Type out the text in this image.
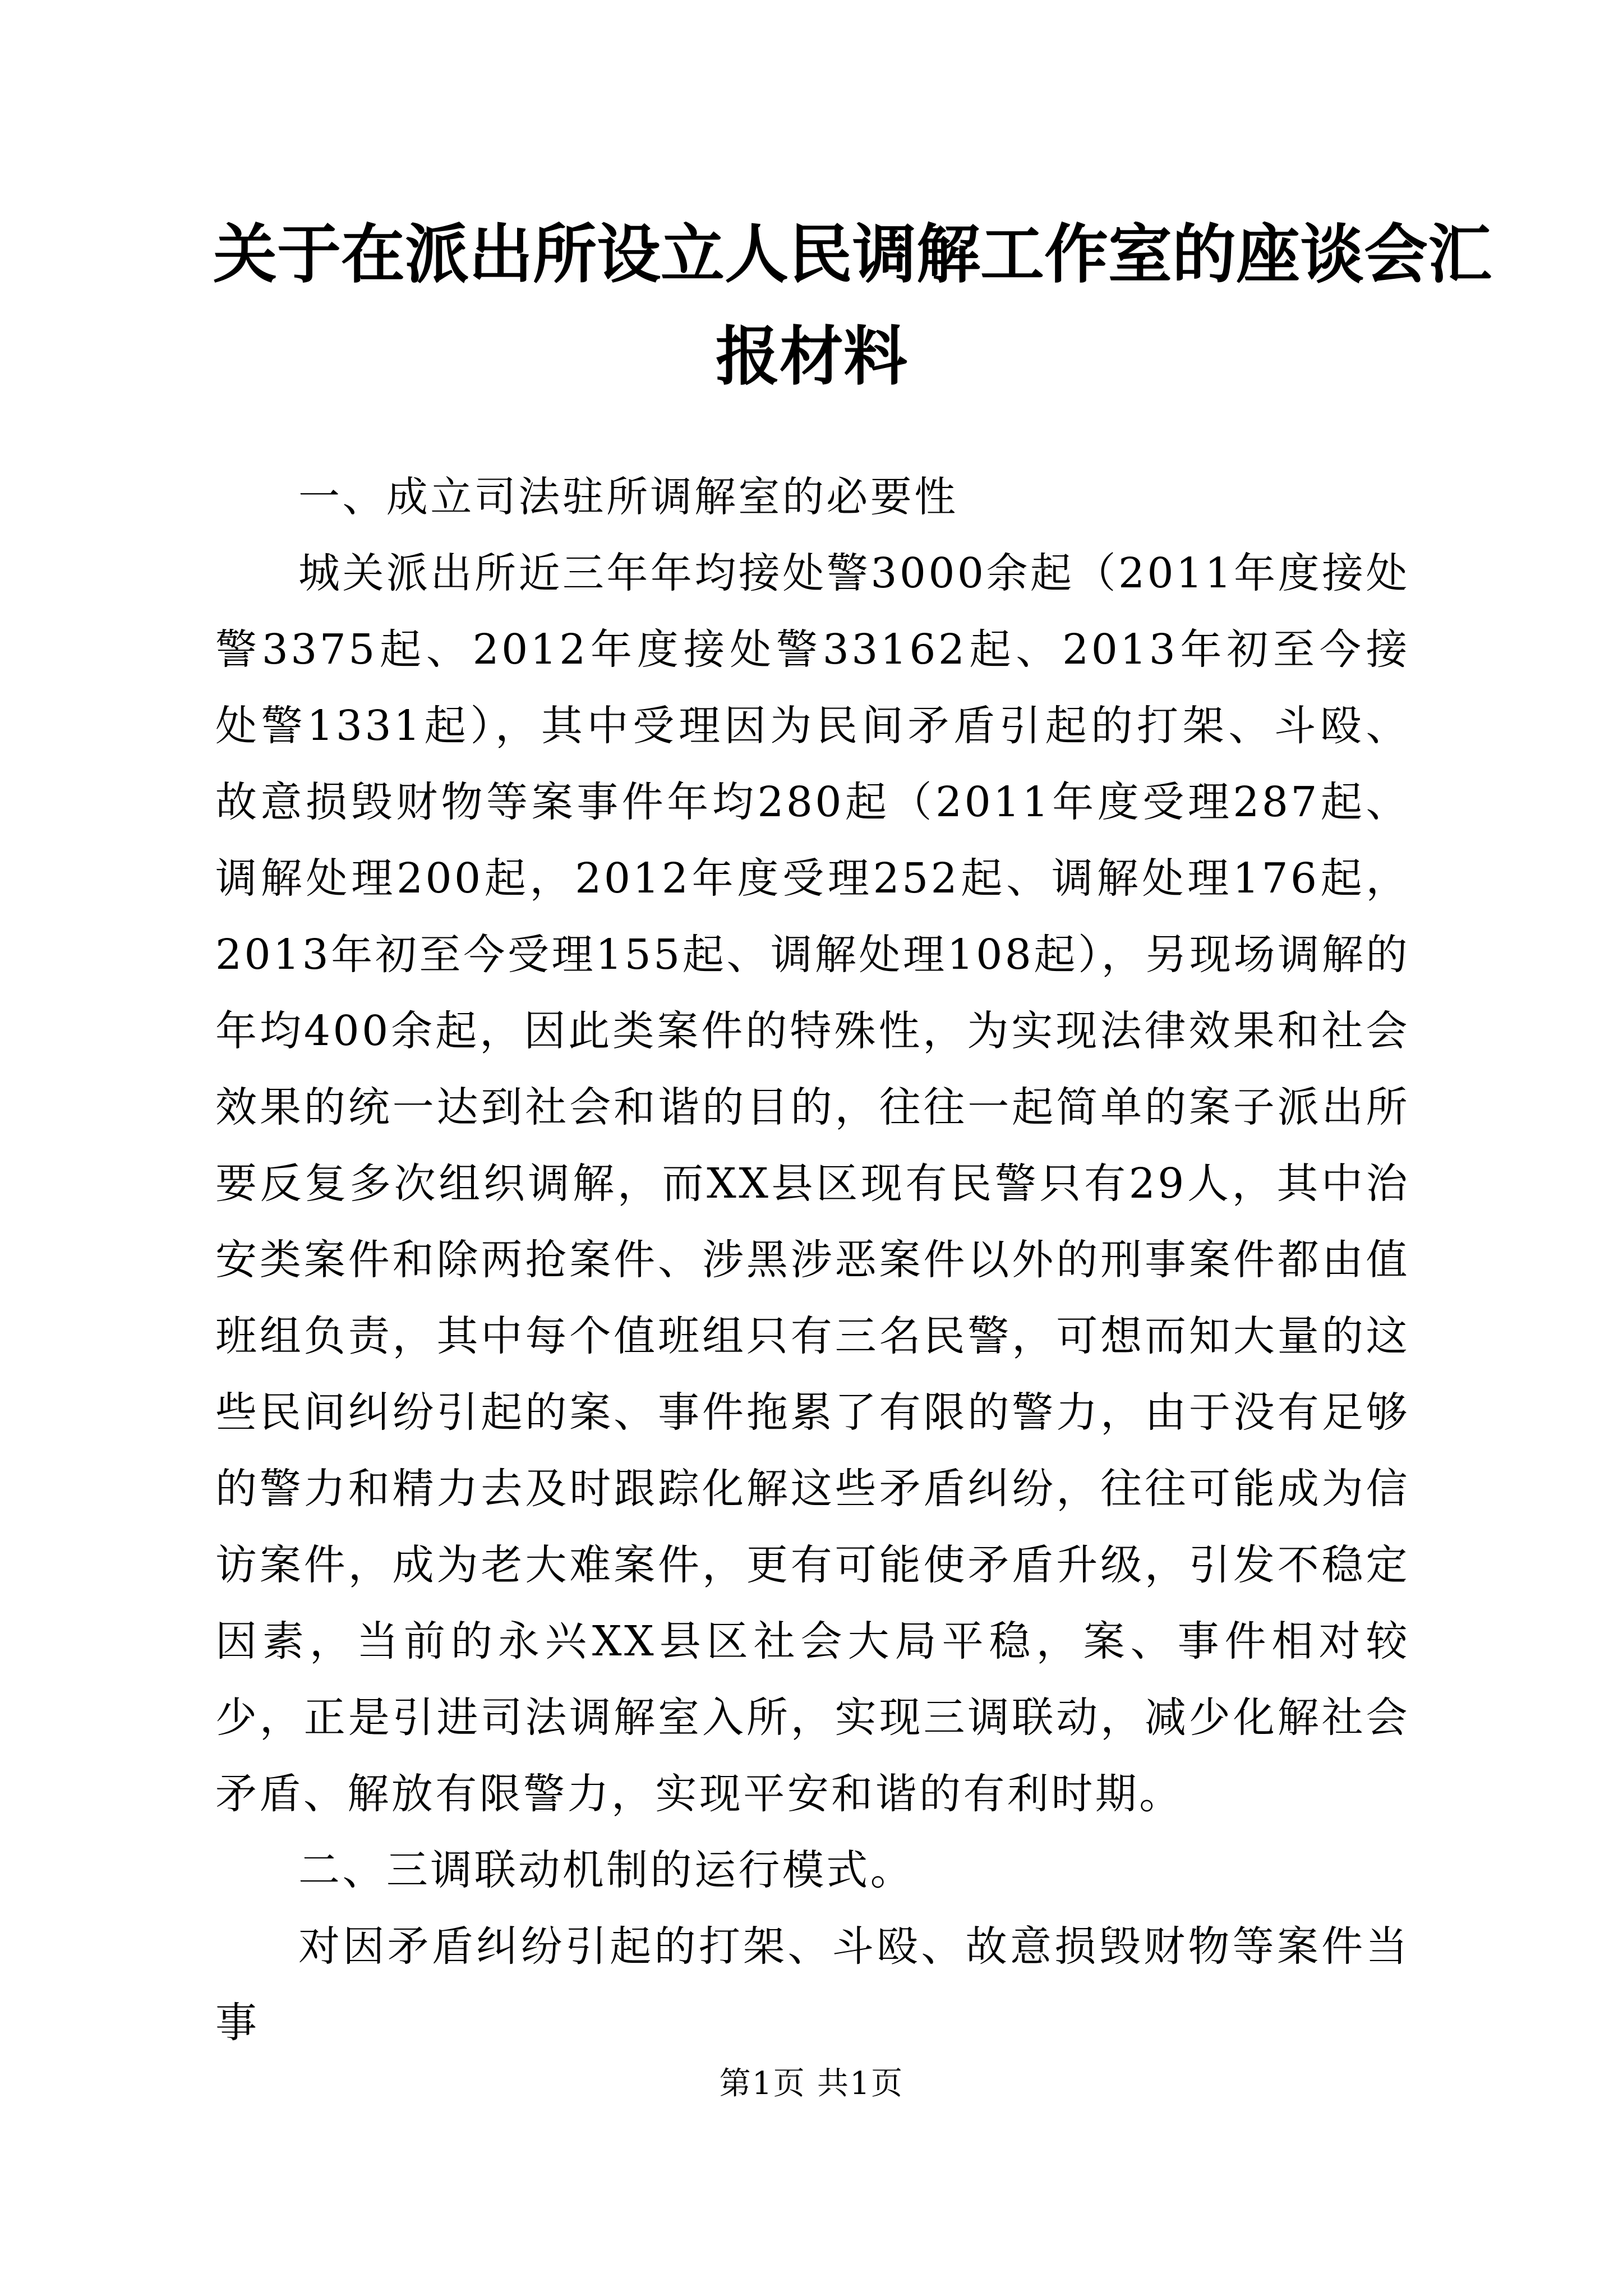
关于在派出所设立人民调解工作室的座谈会汇
报材料

一、成立司法驻所调解室的必要性

城关派出所近三年年均接处警3000余起（2011年度接处警3375起、2012年度接处警33162起、2013年初至今接处警1331起），其中受理因为民间矛盾引起的打架、斗殴、故意损毁财物等案事件年均280起（2011年度受理287起、调解处理200起，2012年度受理252起、调解处理176起，2013年初至今受理155起、调解处理108起），另现场调解的年均400余起，因此类案件的特殊性，为实现法律效果和社会效果的统一达到社会和谐的目的，往往一起简单的案子派出所要反复多次组织调解，而XX县区现有民警只有29人，其中治安类案件和除两抢案件、涉黑涉恶案件以外的刑事案件都由值班组负责，其中每个值班组只有三名民警，可想而知大量的这些民间纠纷引起的案、事件拖累了有限的警力，由于没有足够的警力和精力去及时跟踪化解这些矛盾纠纷，往往可能成为信访案件，成为老大难案件，更有可能使矛盾升级，引发不稳定因素，当前的永兴XX县区社会大局平稳，案、事件相对较少，正是引进司法调解室入所，实现三调联动，减少化解社会矛盾、解放有限警力，实现平安和谐的有利时期。

二、三调联动机制的运行模式。

对因矛盾纠纷引起的打架、斗殴、故意损毁财物等案件当事

第1页 共1页
